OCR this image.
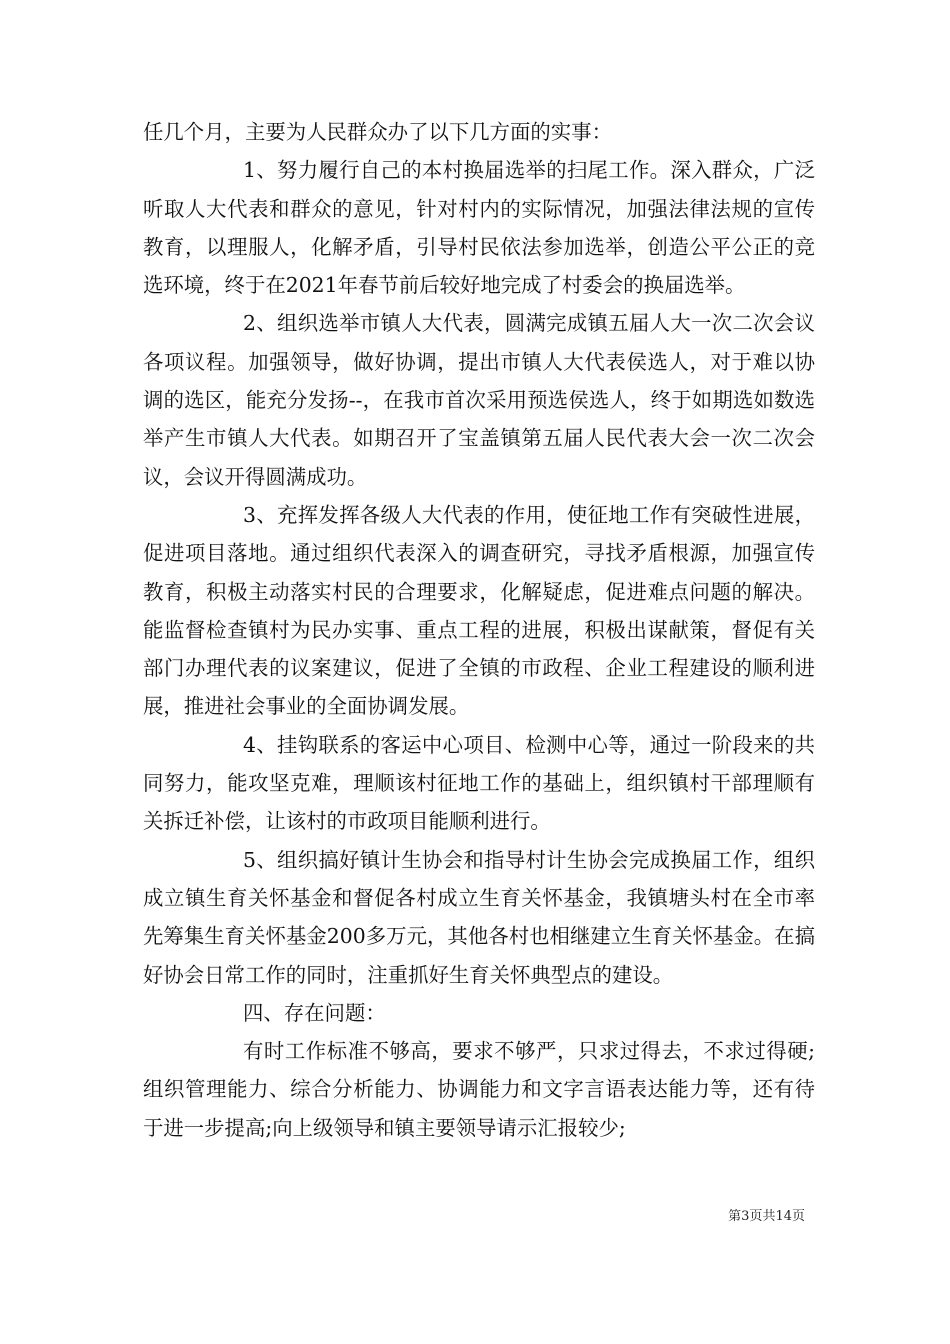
任几个月，主要为人民群众办了以下几方面的实事：

1、努力履行自己的本村换届选举的扫尾工作。深入群众，广泛听取人大代表和群众的意见，针对村内的实际情况，加强法律法规的宣传教育，以理服人，化解矛盾，引导村民依法参加选举，创造公平公正的竞选环境，终于在2021年春节前后较好地完成了村委会的换届选举。

2、组织选举市镇人大代表，圆满完成镇五届人大一次二次会议各项议程。加强领导，做好协调，提出市镇人大代表侯选人，对于难以协调的选区，能充分发扬--，在我市首次采用预选侯选人，终于如期选如数选举产生市镇人大代表。如期召开了宝盖镇第五届人民代表大会一次二次会议，会议开得圆满成功。

3、充挥发挥各级人大代表的作用，使征地工作有突破性进展，促进项目落地。通过组织代表深入的调查研究，寻找矛盾根源，加强宣传教育，积极主动落实村民的合理要求，化解疑虑，促进难点问题的解决。能监督检查镇村为民办实事、重点工程的进展，积极出谋献策，督促有关部门办理代表的议案建议，促进了全镇的市政程、企业工程建设的顺利进展，推进社会事业的全面协调发展。

4、挂钩联系的客运中心项目、检测中心等，通过一阶段来的共同努力，能攻坚克难，理顺该村征地工作的基础上，组织镇村干部理顺有关拆迁补偿，让该村的市政项目能顺利进行。

5、组织搞好镇计生协会和指导村计生协会完成换届工作，组织成立镇生育关怀基金和督促各村成立生育关怀基金，我镇塘头村在全市率先筹集生育关怀基金200多万元，其他各村也相继建立生育关怀基金。在搞好协会日常工作的同时，注重抓好生育关怀典型点的建设。

四、存在问题：

有时工作标准不够高，要求不够严，只求过得去，不求过得硬;组织管理能力、综合分析能力、协调能力和文字言语表达能力等，还有待于进一步提高;向上级领导和镇主要领导请示汇报较少;

第3页共14页
